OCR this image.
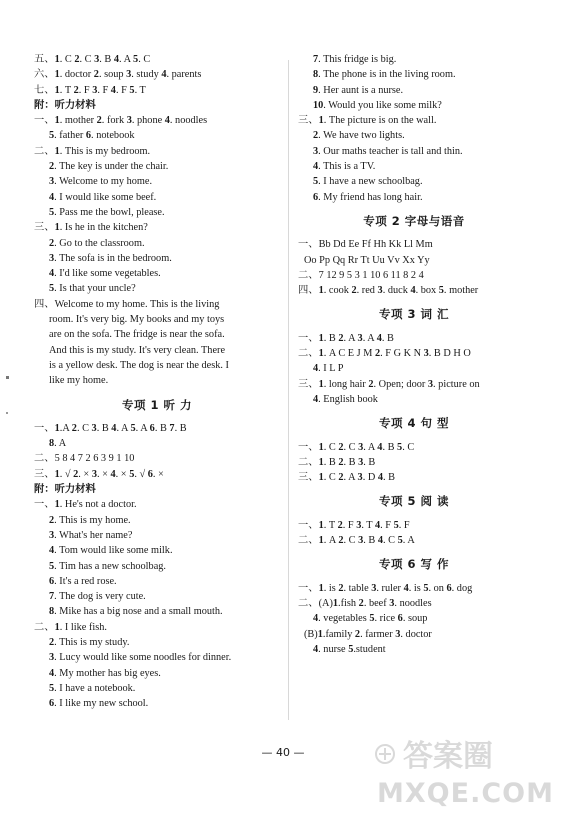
五、1. C 2. C 3. B 4. A 5. C
六、1. doctor 2. soup 3. study 4. parents
七、1. T 2. F 3. F 4. F 5. T
附：听力材料
一、1. mother 2. fork 3. phone 4. noodles
5. father 6. notebook
二、1. This is my bedroom.
2. The key is under the chair.
3. Welcome to my home.
4. I would like some beef.
5. Pass me the bowl, please.
三、1. Is he in the kitchen?
2. Go to the classroom.
3. The sofa is in the bedroom.
4. I'd like some vegetables.
5. Is that your uncle?
四、Welcome to my home. This is the living
room. It's very big. My books and my toys
are on the sofa. The fridge is near the sofa.
And this is my study. It's very clean. There
is a yellow desk. The dog is near the desk. I
like my home.
专项 1 听 力
一、1.A 2. C 3. B 4. A 5. A 6. B 7. B
8. A
二、5 8 4 7 2 6 3 9 1 10
三、1. √ 2. × 3. × 4. × 5. √ 6. ×
附：听力材料
一、1. He's not a doctor.
2. This is my home.
3. What's her name?
4. Tom would like some milk.
5. Tim has a new schoolbag.
6. It's a red rose.
7. The dog is very cute.
8. Mike has a big nose and a small mouth.
二、1. I like fish.
2. This is my study.
3. Lucy would like some noodles for dinner.
4. My mother has big eyes.
5. I have a notebook.
6. I like my new school.
7. This fridge is big.
8. The phone is in the living room.
9. Her aunt is a nurse.
10. Would you like some milk?
三、1. The picture is on the wall.
2. We have two lights.
3. Our maths teacher is tall and thin.
4. This is a TV.
5. I have a new schoolbag.
6. My friend has long hair.
专项 2 字母与语音
一、Bb Dd Ee Ff Hh Kk Ll Mm
Oo Pp Qq Rr Tt Uu Vv Xx Yy
二、7 12 9 5 3 1 10 6 11 8 2 4
四、1. cook 2. red 3. duck 4. box 5. mother
专项 3 词 汇
一、1. B 2. A 3. A 4. B
二、1. A C E J M 2. F G K N 3. B D H O
4. I L P
三、1. long hair 2. Open; door 3. picture on
4. English book
专项 4 句 型
一、1. C 2. C 3. A 4. B 5. C
二、1. B 2. B 3. B
三、1. C 2. A 3. D 4. B
专项 5 阅 读
一、1. T 2. F 3. T 4. F 5. F
二、1. A 2. C 3. B 4. C 5. A
专项 6 写 作
一、1. is 2. table 3. ruler 4. is 5. on 6. dog
二、(A)1.fish 2. beef 3. noodles
4. vegetables 5. rice 6. soup
(B)1.family 2. farmer 3. doctor
4. nurse 5.student
— 40 —	答案圈
MXQE.COM
